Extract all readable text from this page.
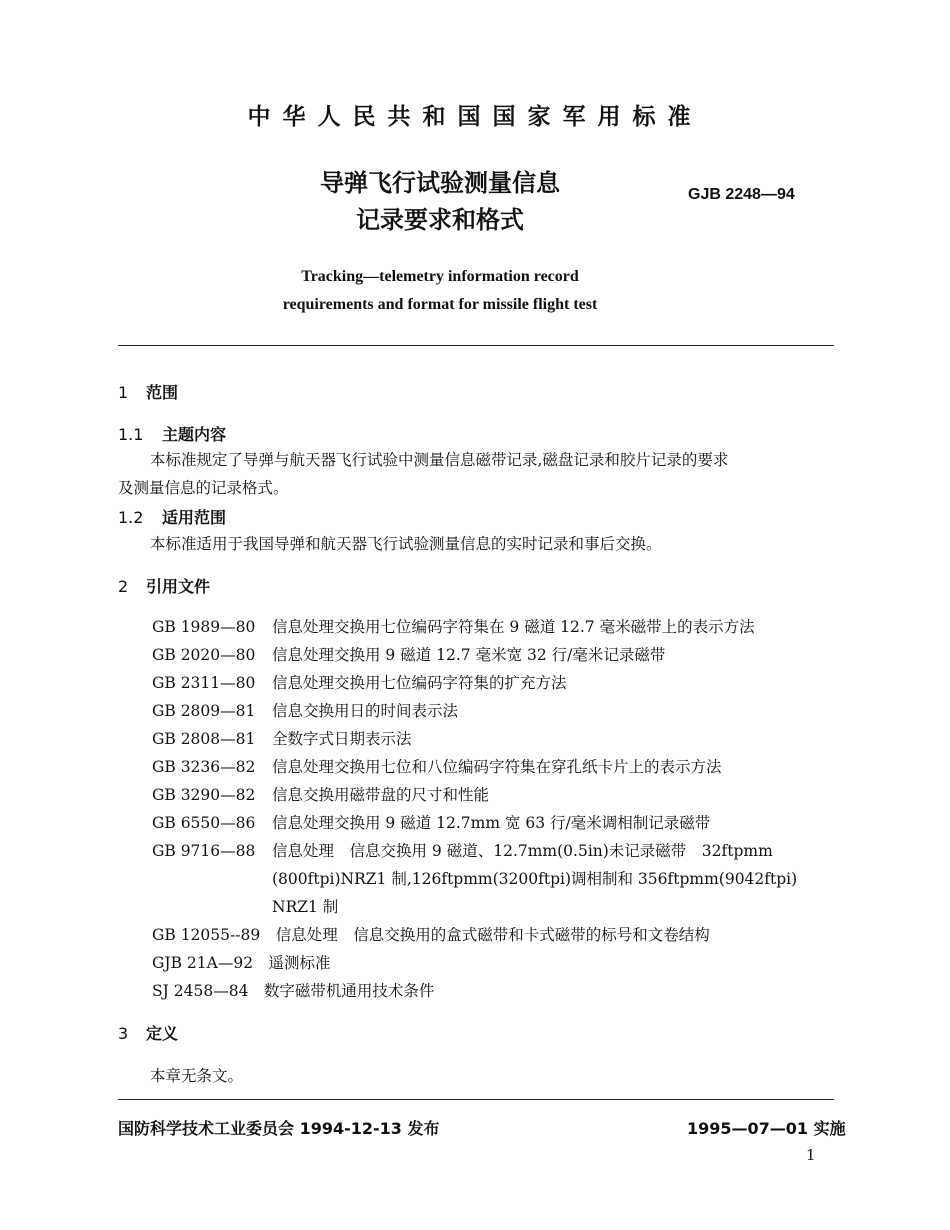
中华人民共和国国家军用标准
导弹飞行试验测量信息
记录要求和格式
GJB 2248—94
Tracking—telemetry information record
requirements and format for missile flight test
1 范围
1.1 主题内容
本标准规定了导弹与航天器飞行试验中测量信息磁带记录,磁盘记录和胶片记录的要求
及测量信息的记录格式。
1.2 适用范围
本标准适用于我国导弹和航天器飞行试验测量信息的实时记录和事后交换。
2 引用文件
GB 1989—80 信息处理交换用七位编码字符集在 9 磁道 12.7 毫米磁带上的表示方法
GB 2020—80 信息处理交换用 9 磁道 12.7 毫米宽 32 行/毫米记录磁带
GB 2311—80 信息处理交换用七位编码字符集的扩充方法
GB 2809—81 信息交换用日的时间表示法
GB 2808—81 全数字式日期表示法
GB 3236—82 信息处理交换用七位和八位编码字符集在穿孔纸卡片上的表示方法
GB 3290—82 信息交换用磁带盘的尺寸和性能
GB 6550—86 信息处理交换用 9 磁道 12.7mm 宽 63 行/毫米调相制记录磁带
GB 9716—88 信息处理　信息交换用 9 磁道、12.7mm(0.5in)未记录磁带　32ftpmm
(800ftpi)NRZ1 制,126ftpmm(3200ftpi)调相制和 356ftpmm(9042ftpi)
NRZ1 制
GB 12055--89　信息处理　信息交换用的盒式磁带和卡式磁带的标号和文卷结构
GJB 21A—92　遥测标准
SJ 2458—84　数字磁带机通用技术条件
3 定义
本章无条文。
国防科学技术工业委员会 1994-12-13 发布	1995—07—01 实施
1
